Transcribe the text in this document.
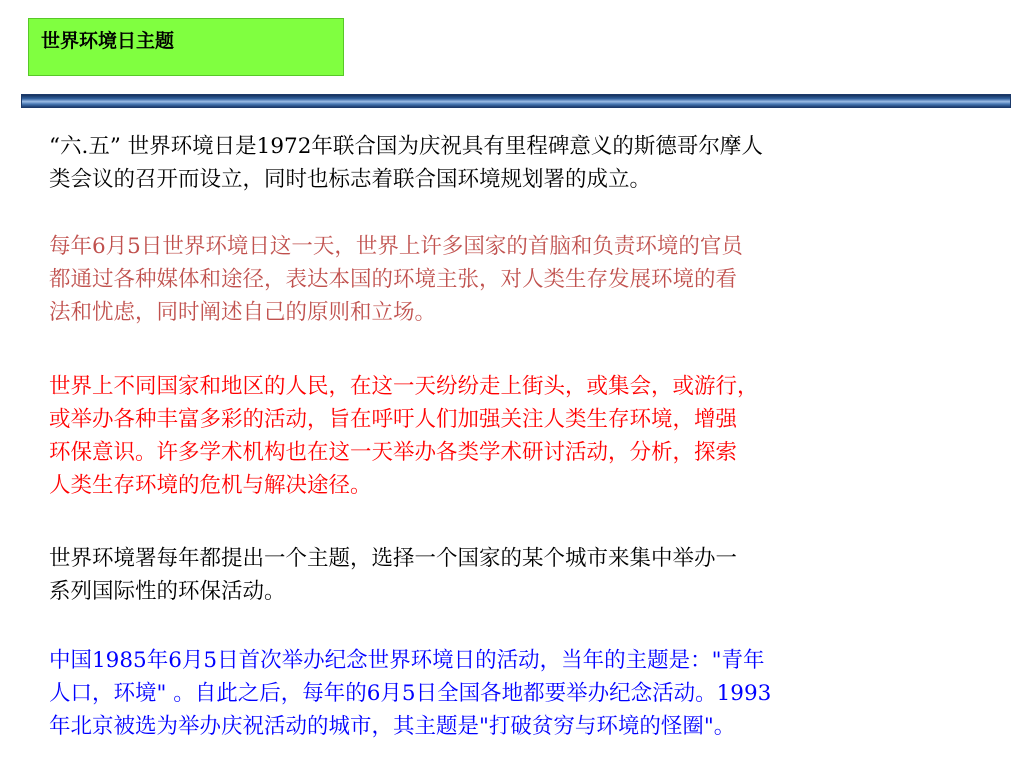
世界环境日主题

“六.五” 世界环境日是1972年联合国为庆祝具有里程碑意义的斯德哥尔摩人
类会议的召开而设立，同时也标志着联合国环境规划署的成立。

每年6月5日世界环境日这一天，世界上许多国家的首脑和负责环境的官员
都通过各种媒体和途径，表达本国的环境主张，对人类生存发展环境的看
法和忧虑，同时阐述自己的原则和立场。

世界上不同国家和地区的人民，在这一天纷纷走上街头，或集会，或游行，
或举办各种丰富多彩的活动，旨在呼吁人们加强关注人类生存环境，增强
环保意识。许多学术机构也在这一天举办各类学术研讨活动，分析，探索
人类生存环境的危机与解决途径。

世界环境署每年都提出一个主题，选择一个国家的某个城市来集中举办一
系列国际性的环保活动。

中国1985年6月5日首次举办纪念世界环境日的活动，当年的主题是："青年
人口，环境" 。自此之后，每年的6月5日全国各地都要举办纪念活动。1993
年北京被选为举办庆祝活动的城市，其主题是"打破贫穷与环境的怪圈"。
